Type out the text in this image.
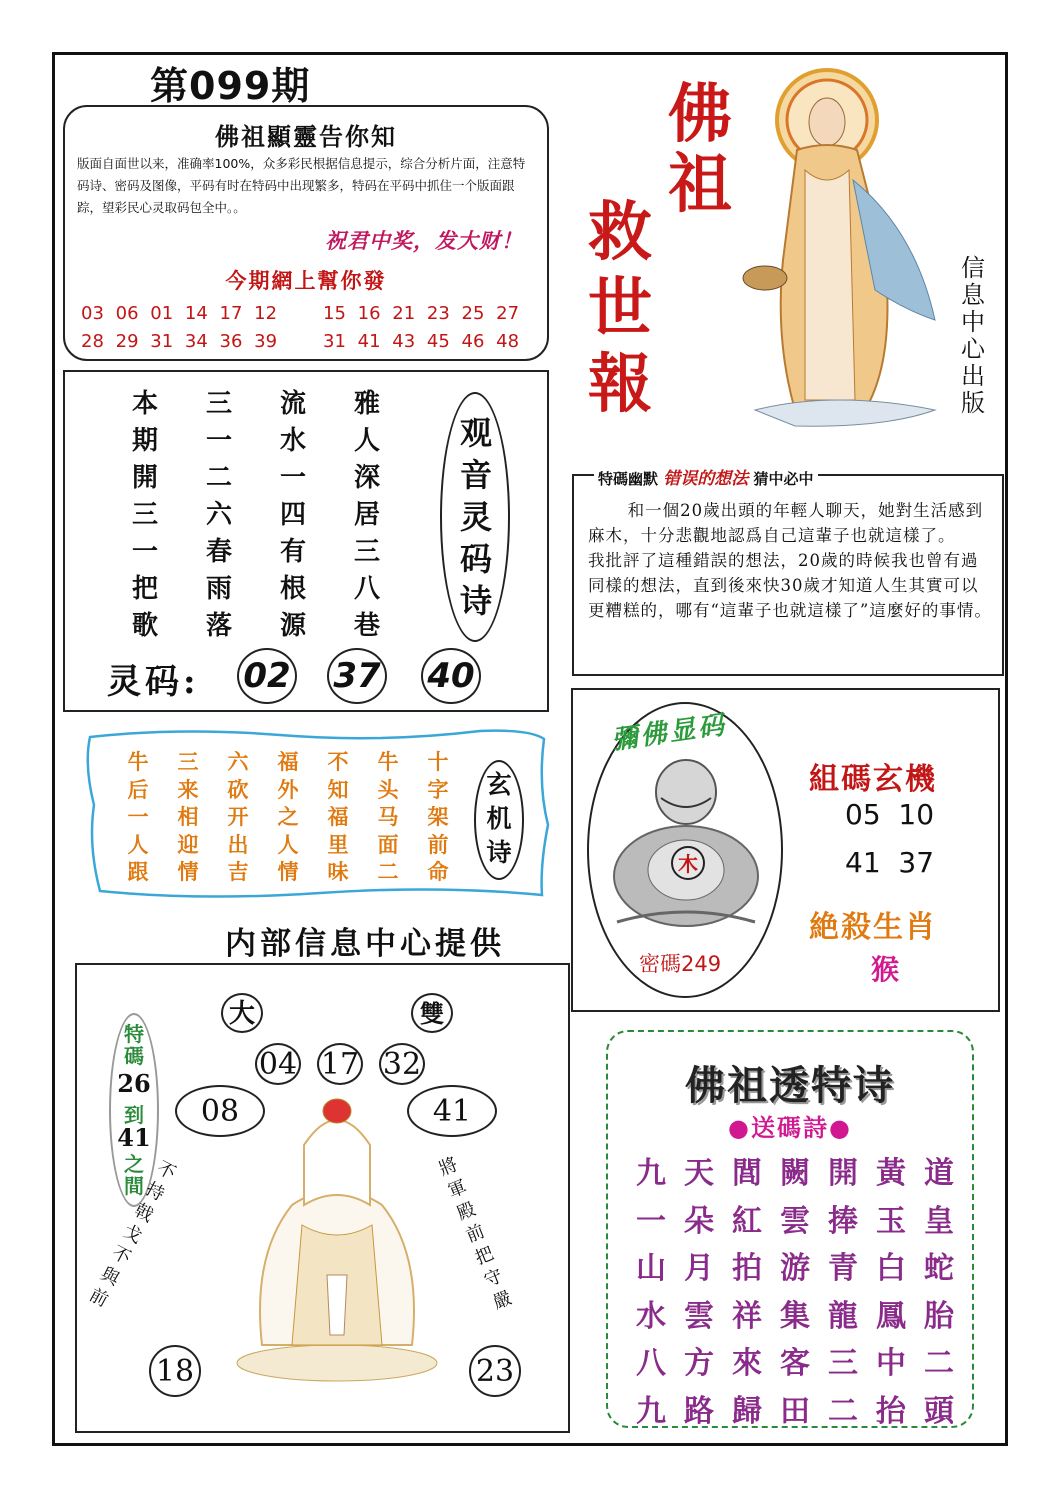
第099期
佛祖顯靈告你知
版面自面世以来，准确率100%，众多彩民根据信息提示，综合分析片面，注意特码诗、密码及图像，平码有时在特码中出现繁多，特码在平码中抓住一个版面跟踪，望彩民心灵取码包全中。。
祝君中奖，发大财！
今期網上幫你發
03 06 01 14 17 12	15 16 21 23 25 27
28 29 31 34 36 39	31 41 43 45 46 48
本期開三一把歌
三一二六春雨落
流水一四有根源
雅人深居三八巷
观音灵码诗
灵码: 02 37 40
牛后一人跟
三来相迎情
六砍开出吉
福外之人情
不知福里味
牛头马面二
十字架前命
玄机诗
内部信息中心提供
大	雙
04 17 32
08	41
18	23
特碼
26
到
41
之間
不持戟戈不與前
將軍殿前把守嚴
佛祖
救世報
信息中心出版
特碼幽默 错误的想法 猜中必中
和一個20歲出頭的年輕人聊天，她對生活感到麻木，十分悲觀地認爲自己這輩子也就這樣了。
我批評了這種錯誤的想法，20歲的時候我也曾有過同樣的想法，直到後來快30歲才知道人生其實可以更糟糕的，哪有“這輩子也就這樣了”這麼好的事情。
彌佛显码
木
密碼249
組碼玄機
05  10
41  37
絶殺生肖
猴
佛祖透特诗
●送碼詩●
九一山水八九
天朵月雲方路
閭紅拍祥來歸
闕雲游集客田
開捧青龍三二
黃玉白鳳中抬
道皇蛇胎二頭
